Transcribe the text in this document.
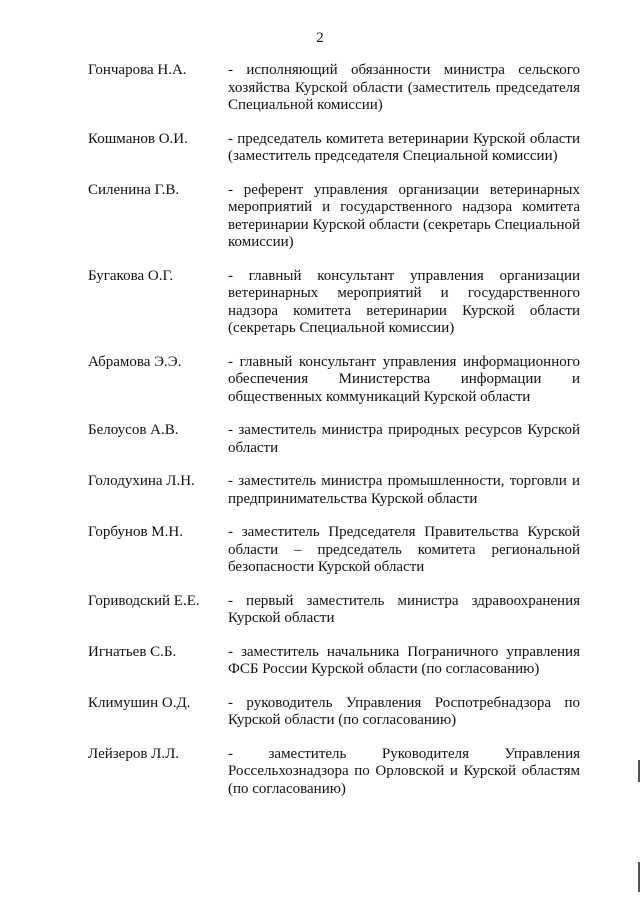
2
Гончарова Н.А.	- исполняющий обязанности министра сельского хозяйства Курской области (заместитель председателя Специальной комиссии)
Кошманов О.И.	- председатель комитета ветеринарии Курской области (заместитель председателя Специальной комиссии)
Силенина Г.В.	- референт управления организации ветеринарных мероприятий и государственного надзора комитета ветеринарии Курской области (секретарь Специальной комиссии)
Бугакова О.Г.	- главный консультант управления организации ветеринарных мероприятий и государственного надзора комитета ветеринарии Курской области (секретарь Специальной комиссии)
Абрамова Э.Э.	- главный консультант управления информационного обеспечения Министерства информации и общественных коммуникаций Курской области
Белоусов А.В.	- заместитель министра природных ресурсов Курской области
Голодухина Л.Н.	- заместитель министра промышленности, торговли и предпринимательства Курской области
Горбунов М.Н.	- заместитель Председателя Правительства Курской области – председатель комитета региональной безопасности Курской области
Гориводский Е.Е.	- первый заместитель министра здравоохранения Курской области
Игнатьев С.Б.	- заместитель начальника Пограничного управления ФСБ России Курской области (по согласованию)
Климушин О.Д.	- руководитель Управления Роспотребнадзора по Курской области (по согласованию)
Лейзеров Л.Л.	- заместитель Руководителя Управления Россельхознадзора по Орловской и Курской областям (по согласованию)
